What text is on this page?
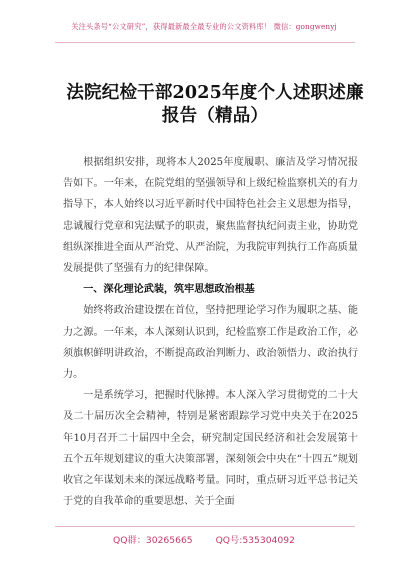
关注头条号“公文研究”，获得最新最全最专业的公文资料库！ 微信：gongwenyj
法院纪检干部2025年度个人述职述廉
报告（精品）

根据组织安排，现将本人2025年度履职、廉洁及学习情况报告如下。一年来，在院党组的坚强领导和上级纪检监察机关的有力指导下，本人始终以习近平新时代中国特色社会主义思想为指导，忠诚履行党章和宪法赋予的职责，聚焦监督执纪问责主业，协助党组纵深推进全面从严治党、从严治院，为我院审判执行工作高质量发展提供了坚强有力的纪律保障。

一、深化理论武装，筑牢思想政治根基

始终将政治建设摆在首位，坚持把理论学习作为履职之基、能力之源。一年来，本人深刻认识到，纪检监察工作是政治工作，必须旗帜鲜明讲政治，不断提高政治判断力、政治领悟力、政治执行力。

一是系统学习，把握时代脉搏。本人深入学习贯彻党的二十大及二十届历次全会精神，特别是紧密跟踪学习党中央关于在2025年10月召开二十届四中全会，研究制定国民经济和社会发展第十五个五年规划建议的重大决策部署，深刻领会中央在“十四五”规划收官之年谋划未来的深远战略考量。同时，重点研习近平总书记关于党的自我革命的重要思想、关于全面

QQ群：30265665 QQ号:535304092
